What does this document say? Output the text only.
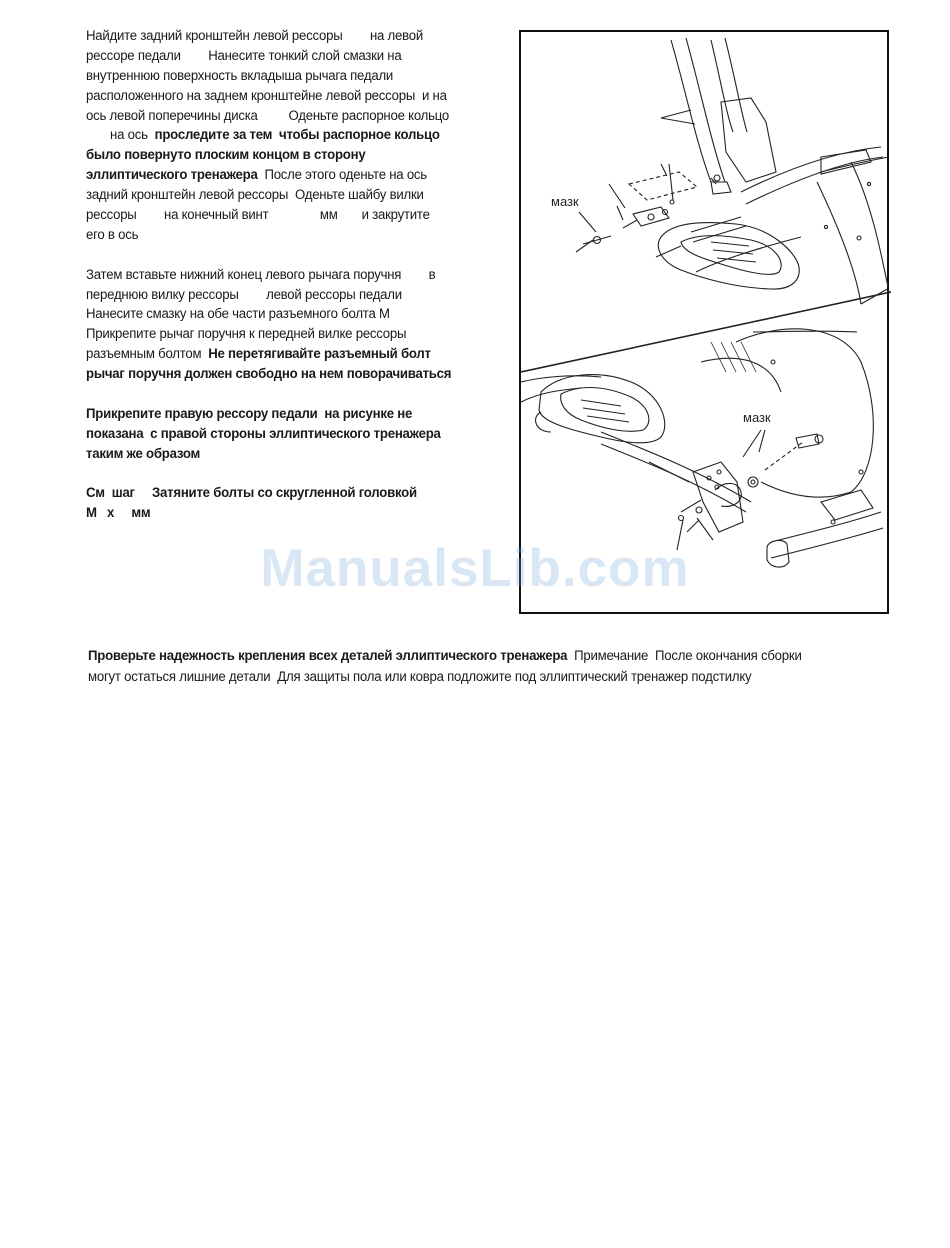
Найдите задний кронштейн левой рессоры        на левой
рессоре педали        Нанесите тонкий слой смазки на
внутреннюю поверхность вкладыша рычага педали
расположенного на заднем кронштейне левой рессоры  и на
ось левой поперечины диска         Оденьте распорное кольцо
на ось  проследите за тем  чтобы распорное кольцо
было повернуто плоским концом в сторону
эллиптического тренажера  После этого оденьте на ось
задний кронштейн левой рессоры  Оденьте шайбу вилки
рессоры        на конечный винт               мм       и закрутите
его в ось
Затем вставьте нижний конец левого рычага поручня        в
переднюю вилку рессоры        левой рессоры педали
Нанесите смазку на обе части разъемного болта М
Прикрепите рычаг поручня к передней вилке рессоры
разъемным болтом  Не перетягивайте разъемный болт
рычаг поручня должен свободно на нем поворачиваться
Прикрепите правую рессору педали  на рисунке не
показана  с правой стороны эллиптического тренажера
таким же образом
См  шаг     Затяните болты со скругленной головкой
М   х     мм
мазк
мазк
ManualsLib.com
Проверьте надежность крепления всех деталей эллиптического тренажера  Примечание  После окончания сборки
могут остаться лишние детали  Для защиты пола или ковра подложите под эллиптический тренажер подстилку
